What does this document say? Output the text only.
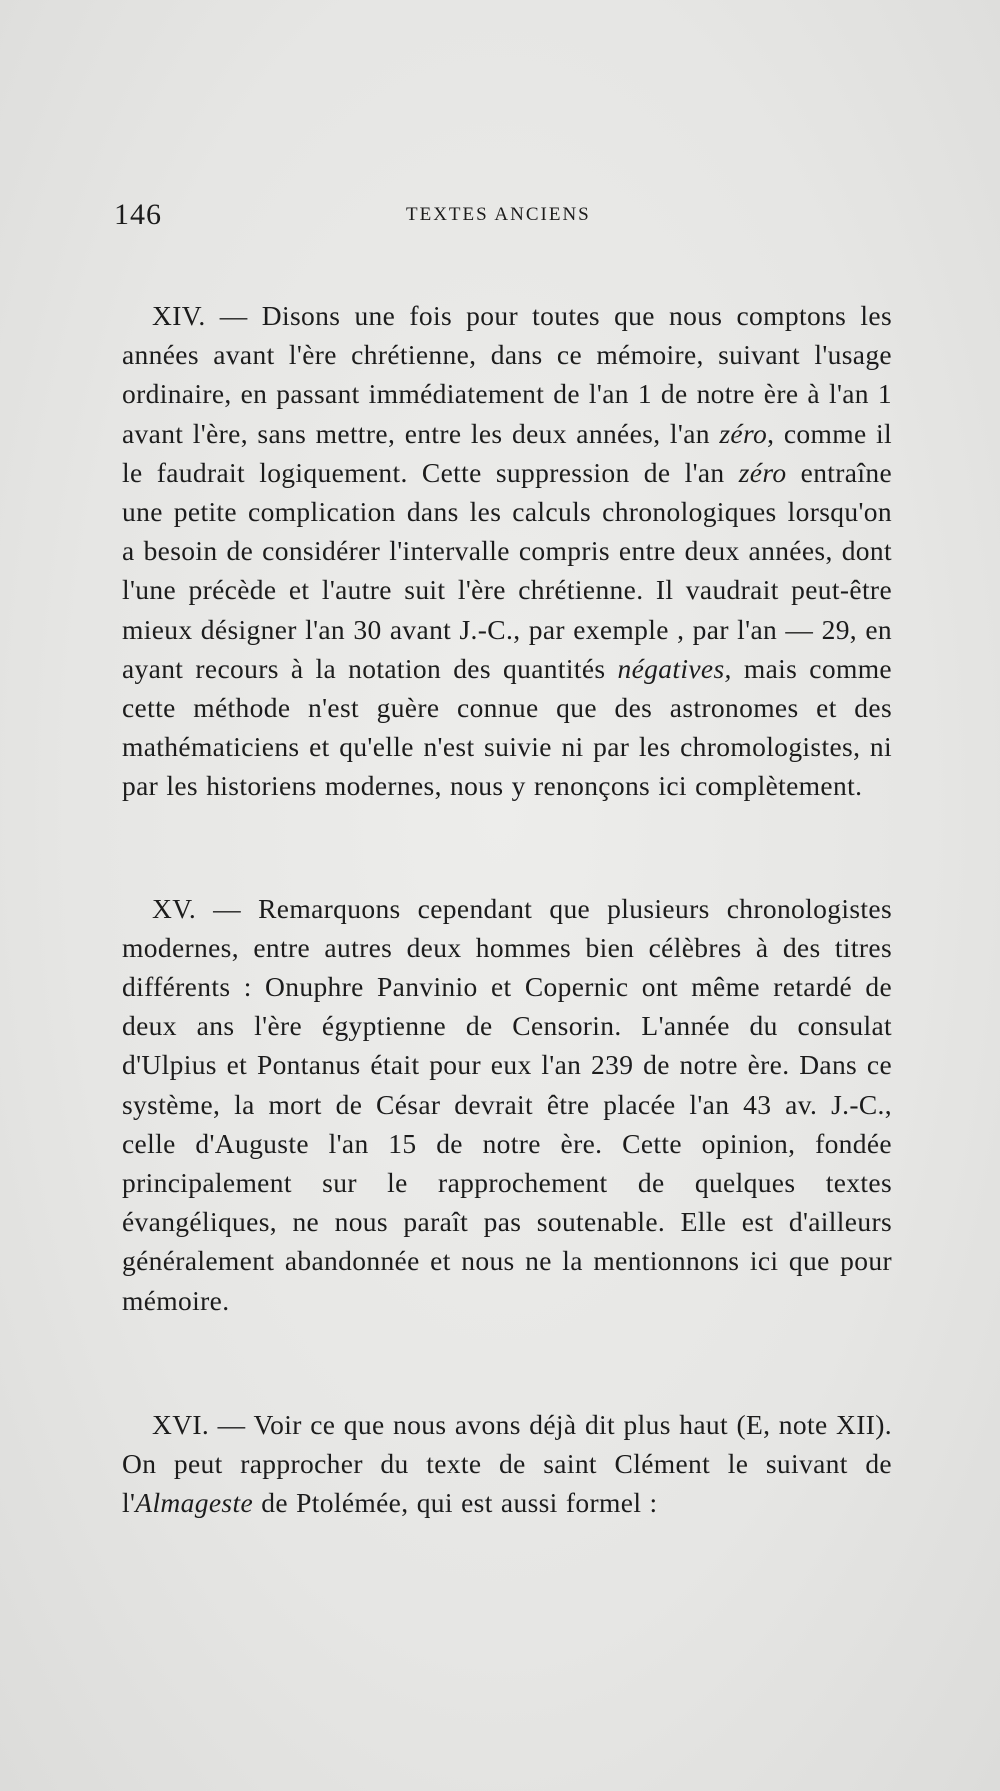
146	TEXTES ANCIENS

XIV. — Disons une fois pour toutes que nous comptons les années avant l'ère chrétienne, dans ce mémoire, suivant l'usage ordinaire, en passant immédiatement de l'an 1 de notre ère à l'an 1 avant l'ère, sans mettre, entre les deux années, l'an zéro, comme il le faudrait logiquement. Cette suppression de l'an zéro entraîne une petite complication dans les calculs chronologiques lorsqu'on a besoin de considérer l'intervalle compris entre deux années, dont l'une précède et l'autre suit l'ère chrétienne. Il vaudrait peut-être mieux désigner l'an 30 avant J.-C., par exemple , par l'an — 29, en ayant recours à la notation des quantités négatives, mais comme cette méthode n'est guère connue que des astronomes et des mathématiciens et qu'elle n'est suivie ni par les chromologistes, ni par les historiens modernes, nous y renonçons ici complètement.

XV. — Remarquons cependant que plusieurs chronologistes modernes, entre autres deux hommes bien célèbres à des titres différents : Onuphre Panvinio et Copernic ont même retardé de deux ans l'ère égyptienne de Censorin. L'année du consulat d'Ulpius et Pontanus était pour eux l'an 239 de notre ère. Dans ce système, la mort de César devrait être placée l'an 43 av. J.-C., celle d'Auguste l'an 15 de notre ère. Cette opinion, fondée principalement sur le rapprochement de quelques textes évangéliques, ne nous paraît pas soutenable. Elle est d'ailleurs généralement abandonnée et nous ne la mentionnons ici que pour mémoire.

XVI. — Voir ce que nous avons déjà dit plus haut (E, note XII). On peut rapprocher du texte de saint Clément le suivant de l'Almageste de Ptolémée, qui est aussi formel :
